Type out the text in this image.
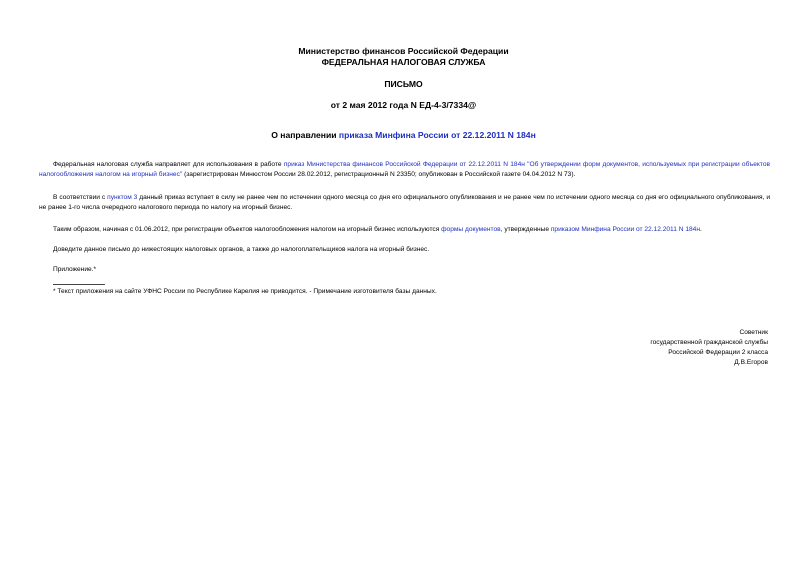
Министерство финансов Российской Федерации
ФЕДЕРАЛЬНАЯ НАЛОГОВАЯ СЛУЖБА
ПИСЬМО
от 2 мая 2012 года N ЕД-4-3/7334@
О направлении приказа Минфина России от 22.12.2011 N 184н
Федеральная налоговая служба направляет для использования в работе приказ Министерства финансов Российской Федерации от 22.12.2011 N 184н "Об утверждении форм документов, используемых при регистрации объектов налогообложения налогом на игорный бизнес" (зарегистрирован Минюстом России 28.02.2012, регистрационный N 23350; опубликован в Российской газете 04.04.2012 N 73).
В соответствии с пунктом 3 данный приказ вступает в силу не ранее чем по истечении одного месяца со дня его официального опубликования и не ранее чем по истечении одного месяца со дня его официального опубликования, и не ранее 1-го числа очередного налогового периода по налогу на игорный бизнес.
Таким образом, начиная с 01.06.2012, при регистрации объектов налогообложения налогом на игорный бизнес используются формы документов, утвержденные приказом Минфина России от 22.12.2011 N 184н.
Доведите данное письмо до нижестоящих налоговых органов, а также до налогоплательщиков налога на игорный бизнес.
Приложение.*
* Текст приложения на сайте УФНС России по Республике Карелия не приводится. - Примечание изготовителя базы данных.
Советник
государственной гражданской службы
Российской Федерации 2 класса
Д.В.Егоров
